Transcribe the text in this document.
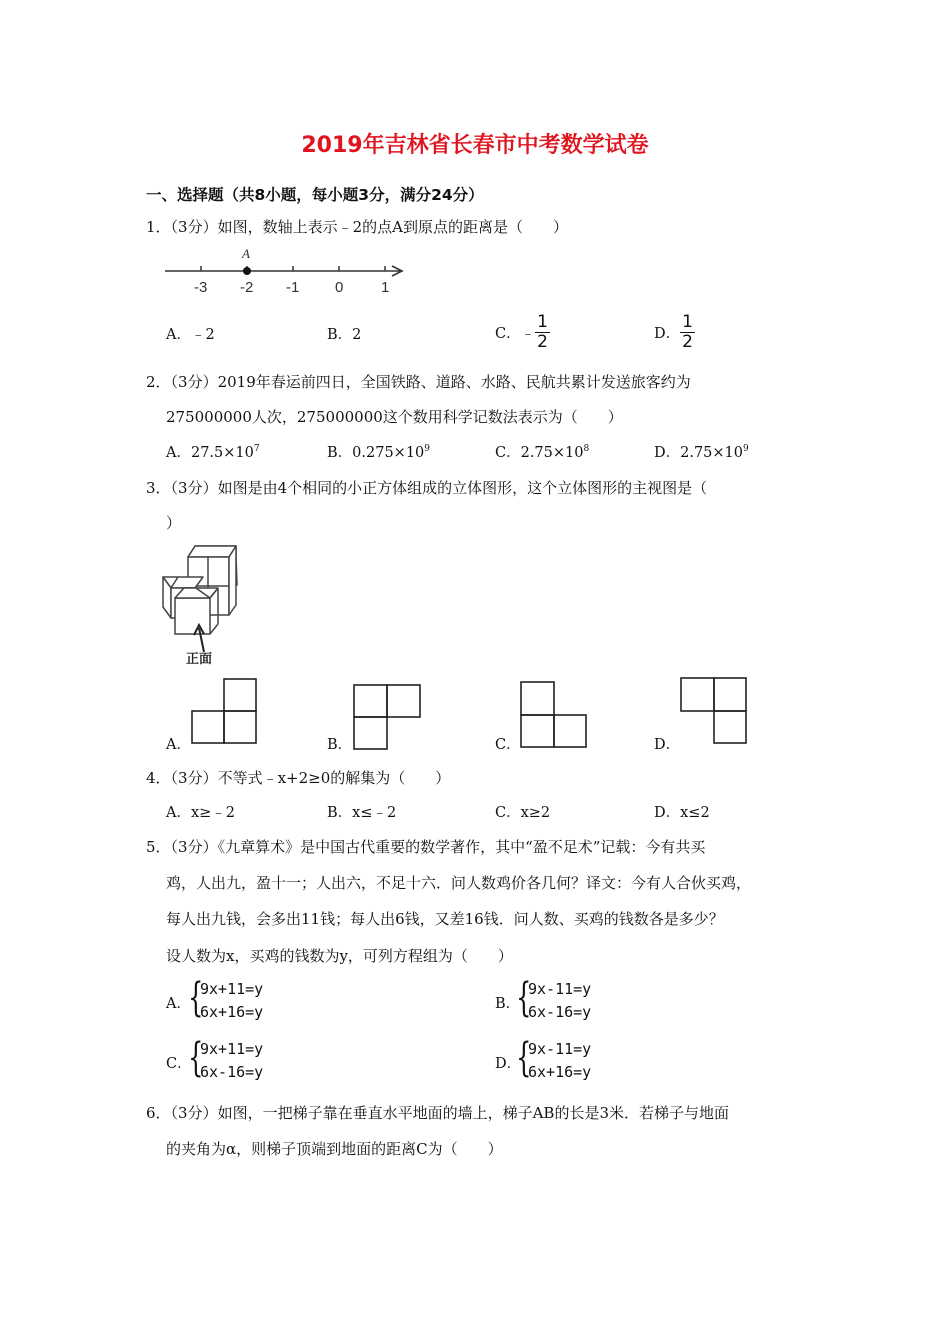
2019年吉林省长春市中考数学试卷
一、选择题（共8小题，每小题3分，满分24分）
1．（3分）如图，数轴上表示﹣2的点A到原点的距离是（　　）
A
-3 -2 -1 0	1
A．﹣2	B．2	C．﹣ $\frac{1}{2}$	D． $\frac{1}{2}$
2．（3分）2019年春运前四日，全国铁路、道路、水路、民航共累计发送旅客约为
275000000人次，275000000这个数用科学记数法表示为（　　）
A．$27.5\times 10^7$	B．$0.275\times 10^9$	C．$2.75\times 10^8$	D．$2.75\times 10^9$
3．（3分）如图是由4个相同的小正方体组成的立体图形，这个立体图形的主视图是（
）
正面
A．	B．	C．	D．
4．（3分）不等式﹣x+2≥0的解集为（　　）
A．x≥﹣2	B．x≤﹣2	C．x≥2	D．x≤2
5．（3分）《九章算术》是中国古代重要的数学著作，其中“盈不足术”记载：今有共买
鸡，人出九，盈十一；人出六，不足十六．问人数鸡价各几何？译文：今有人合伙买鸡，
每人出九钱，会多出11钱；每人出6钱，又差16钱．问人数、买鸡的钱数各是多少？
设人数为x，买鸡的钱数为y，可列方程组为（　　）
A．
{
9x+11=y
6x+16=y	B．
{
9x-11=y
6x-16=y
C．
{
9x+11=y
6x-16=y	D．
{
9x-11=y
6x+16=y
6．（3分）如图，一把梯子靠在垂直水平地面的墙上，梯子AB的长是3米．若梯子与地面
的夹角为α，则梯子顶端到地面的距离C为（　　）
